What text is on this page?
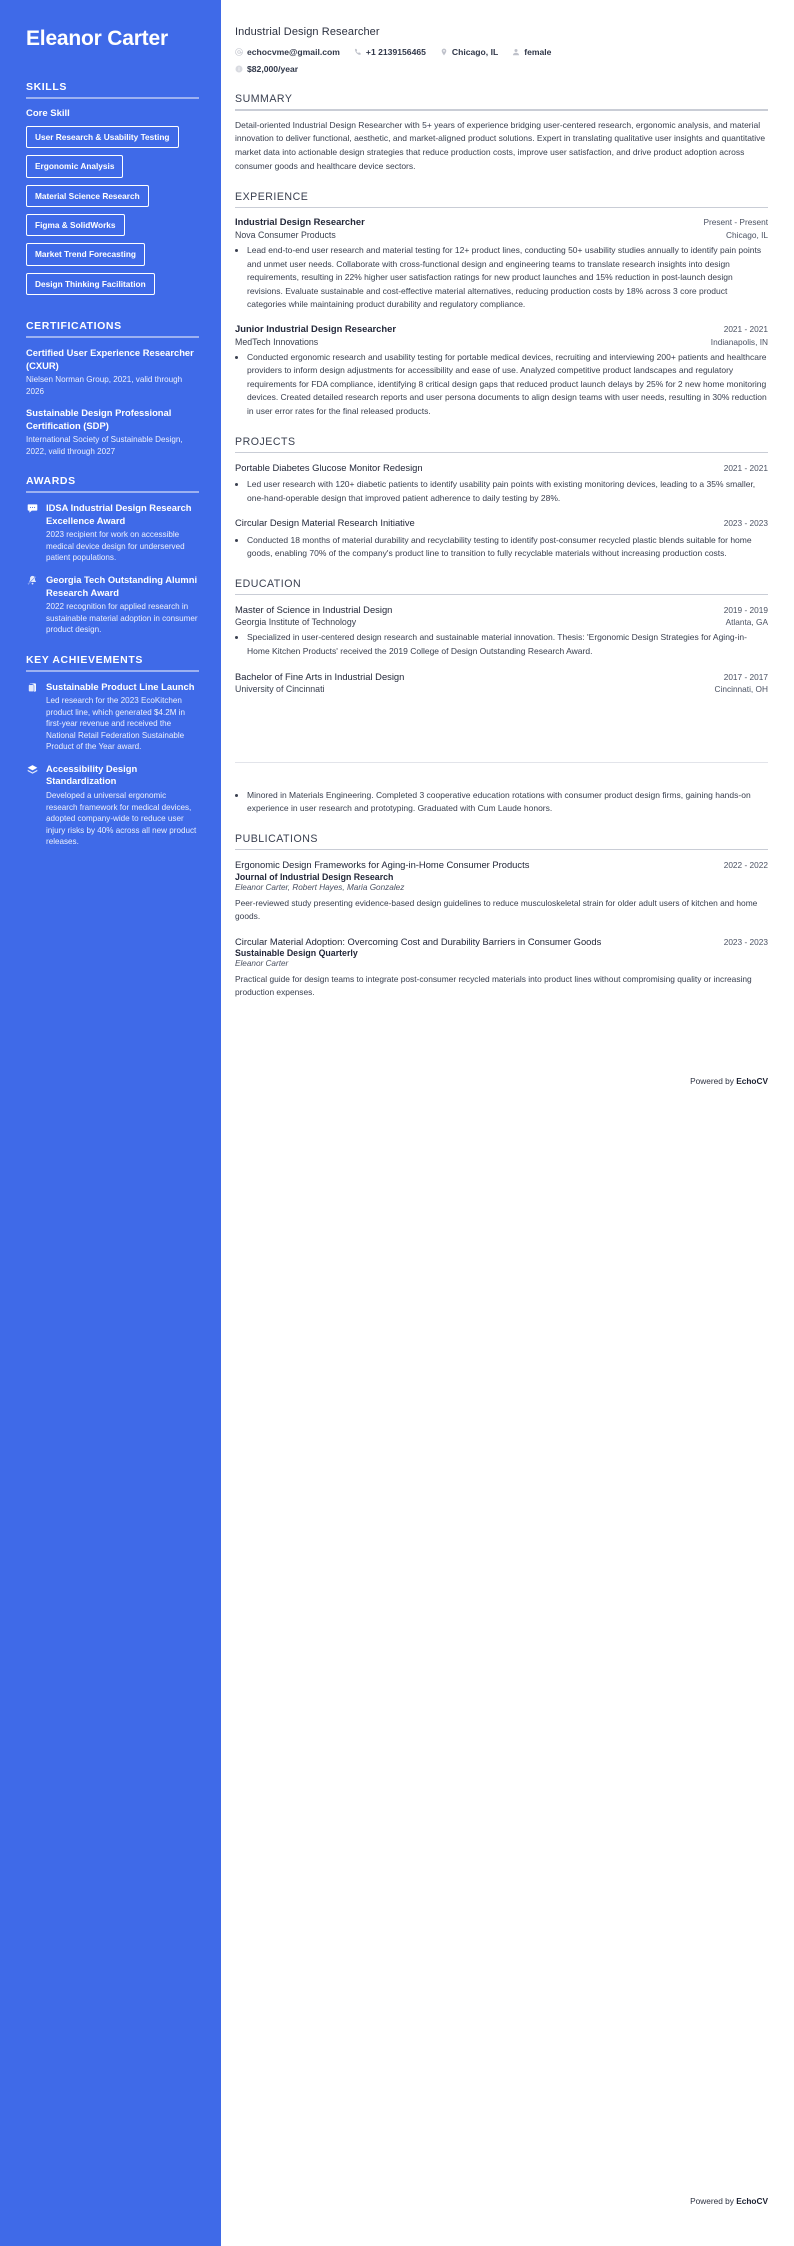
Eleanor Carter
SKILLS
Core Skill
User Research & Usability Testing Ergonomic Analysis Material Science Research Figma & SolidWorks Market Trend Forecasting Design Thinking Facilitation
CERTIFICATIONS
Certified User Experience Researcher (CXUR)
Nielsen Norman Group, 2021, valid through 2026
Sustainable Design Professional Certification (SDP)
International Society of Sustainable Design, 2022, valid through 2027
AWARDS
IDSA Industrial Design Research Excellence Award
2023 recipient for work on accessible medical device design for underserved patient populations.
Georgia Tech Outstanding Alumni Research Award
2022 recognition for applied research in sustainable material adoption in consumer product design.
KEY ACHIEVEMENTS
Sustainable Product Line Launch
Led research for the 2023 EcoKitchen product line, which generated $4.2M in first-year revenue and received the National Retail Federation Sustainable Product of the Year award.
Accessibility Design Standardization
Developed a universal ergonomic research framework for medical devices, adopted company-wide to reduce user injury risks by 40% across all new product releases.
Industrial Design Researcher
echocvme@gmail.com	+1 2139156465	Chicago, IL	female
$82,000/year
SUMMARY
Detail-oriented Industrial Design Researcher with 5+ years of experience bridging user-centered research, ergonomic analysis, and material innovation to deliver functional, aesthetic, and market-aligned product solutions. Expert in translating qualitative user insights and quantitative market data into actionable design strategies that reduce production costs, improve user satisfaction, and drive product adoption across consumer goods and healthcare device sectors.
EXPERIENCE
Industrial Design Researcher	Present - Present
Nova Consumer Products	Chicago, IL
• Lead end-to-end user research and material testing for 12+ product lines, conducting 50+ usability studies annually to identify pain points and unmet user needs. Collaborate with cross-functional design and engineering teams to translate research insights into design requirements, resulting in 22% higher user satisfaction ratings for new product launches and 15% reduction in post-launch design revisions. Evaluate sustainable and cost-effective material alternatives, reducing production costs by 18% across 3 core product categories while maintaining product durability and regulatory compliance.
Junior Industrial Design Researcher	2021 - 2021
MedTech Innovations	Indianapolis, IN
• Conducted ergonomic research and usability testing for portable medical devices, recruiting and interviewing 200+ patients and healthcare providers to inform design adjustments for accessibility and ease of use. Analyzed competitive product landscapes and regulatory requirements for FDA compliance, identifying 8 critical design gaps that reduced product launch delays by 25% for 2 new home monitoring devices. Created detailed research reports and user persona documents to align design teams with user needs, resulting in 30% reduction in user error rates for the final released products.
PROJECTS
Portable Diabetes Glucose Monitor Redesign	2021 - 2021
• Led user research with 120+ diabetic patients to identify usability pain points with existing monitoring devices, leading to a 35% smaller, one-hand-operable design that improved patient adherence to daily testing by 28%.
Circular Design Material Research Initiative	2023 - 2023
• Conducted 18 months of material durability and recyclability testing to identify post-consumer recycled plastic blends suitable for home goods, enabling 70% of the company's product line to transition to fully recyclable materials without increasing production costs.
EDUCATION
Master of Science in Industrial Design	2019 - 2019
Georgia Institute of Technology	Atlanta, GA
• Specialized in user-centered design research and sustainable material innovation. Thesis: 'Ergonomic Design Strategies for Aging-in-Home Kitchen Products' received the 2019 College of Design Outstanding Research Award.
Bachelor of Fine Arts in Industrial Design	2017 - 2017
University of Cincinnati	Cincinnati, OH
Powered by EchoCV
• Minored in Materials Engineering. Completed 3 cooperative education rotations with consumer product design firms, gaining hands-on experience in user research and prototyping. Graduated with Cum Laude honors.
PUBLICATIONS
Ergonomic Design Frameworks for Aging-in-Home Consumer Products	2022 - 2022
Journal of Industrial Design Research
Eleanor Carter, Robert Hayes, Maria Gonzalez
Peer-reviewed study presenting evidence-based design guidelines to reduce musculoskeletal strain for older adult users of kitchen and home goods.
Circular Material Adoption: Overcoming Cost and Durability Barriers in Consumer Goods	2023 - 2023
Sustainable Design Quarterly
Eleanor Carter
Practical guide for design teams to integrate post-consumer recycled materials into product lines without compromising quality or increasing production expenses.
Powered by EchoCV
